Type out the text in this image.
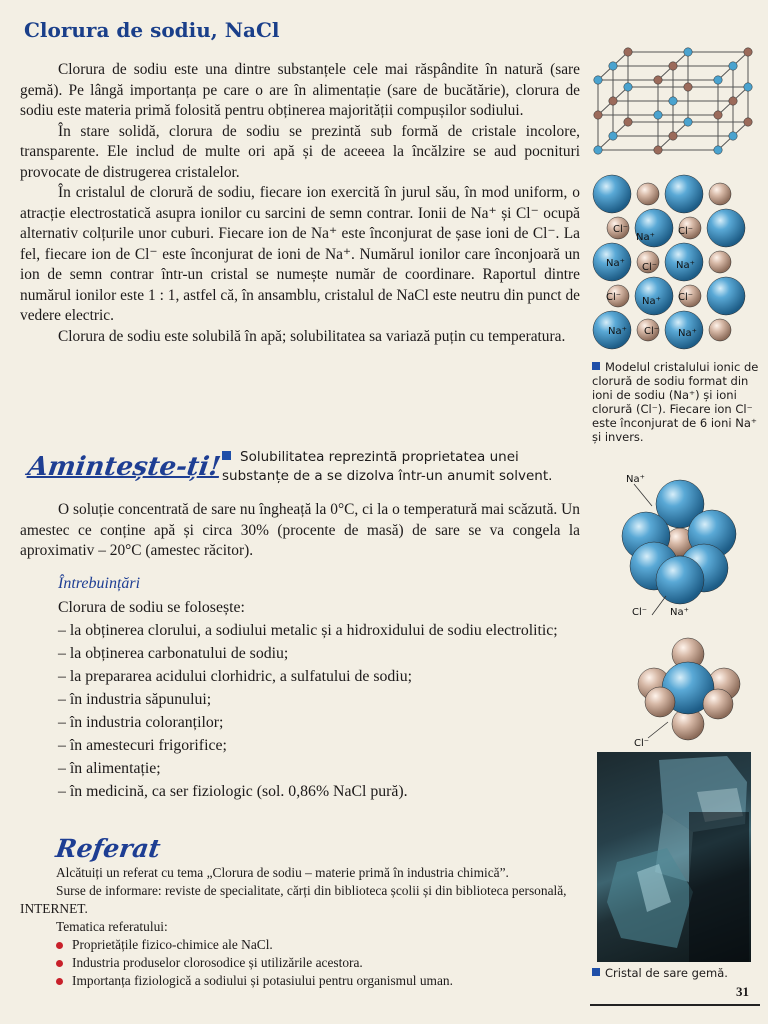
Clorura de sodiu, NaCl

Clorura de sodiu este una dintre substanțele cele mai răspândite în natură (sare gemă). Pe lângă importanța pe care o are în alimentație (sare de bucătărie), clorura de sodiu este materia primă folosită pentru obținerea majorității compușilor sodiului.

În stare solidă, clorura de sodiu se prezintă sub formă de cristale incolore, transparente. Ele includ de multe ori apă și de aceeea la încălzire se aud pocnituri provocate de distrugerea cristalelor.

În cristalul de clorură de sodiu, fiecare ion exercită în jurul său, în mod uniform, o atracție electrostatică asupra ionilor cu sarcini de semn contrar. Ionii de Na⁺ și Cl⁻ ocupă alternativ colțurile unor cuburi. Fiecare ion de Na⁺ este înconjurat de șase ioni de Cl⁻. La fel, fiecare ion de Cl⁻ este înconjurat de ioni de Na⁺. Numărul ionilor care înconjoară un ion de semn contrar într-un cristal se numește număr de coordinare. Raportul dintre numărul ionilor este 1 : 1, astfel că, în ansamblu, cristalul de NaCl este neutru din punct de vedere electric.

Clorura de sodiu este solubilă în apă; solubilitatea sa variază puțin cu temperatura.

Amintește-ți!	Solubilitatea reprezintă proprietatea unei substanțe de a se dizolva într-un anumit solvent.

O soluție concentrată de sare nu îngheață la 0°C, ci la o temperatură mai scăzută. Un amestec ce conține apă și circa 30% (procente de masă) de sare se va congela la aproximativ – 20°C (amestec răcitor).

Întrebuințări
Clorura de sodiu se folosește:
– la obținerea clorului, a sodiului metalic și a hidroxidului de sodiu electrolitic;
– la obținerea carbonatului de sodiu;
– la prepararea acidului clorhidric, a sulfatului de sodiu;
– în industria săpunului;
– în industria coloranților;
– în amestecuri frigorifice;
– în alimentație;
– în medicină, ca ser fiziologic (sol. 0,86% NaCl pură).
Referat
Alcătuiți un referat cu tema „Clorura de sodiu – materie primă în industria chimică”.
Surse de informare: reviste de specialitate, cărți din biblioteca școlii și din biblioteca personală, INTERNET.
Tematica referatului:
Proprietățile fizico-chimice ale NaCl.
Industria produselor clorosodice și utilizările acestora.
Importanța fiziologică a sodiului și potasiului pentru organismul uman.
Cl⁻
Na⁺
Cl⁻
Na⁺ Cl⁻ Na⁺
Cl⁻ Na⁺ Cl⁻
Na⁺ Cl⁻ Na⁺
Modelul cristalului ionic de clorură de sodiu format din ioni de sodiu (Na⁺) și ioni clorură (Cl⁻). Fiecare ion Cl⁻ este înconjurat de 6 ioni Na⁺ și invers.
Na⁺
Cl⁻ Na⁺
Cl⁻
Cristal de sare gemă.
31
